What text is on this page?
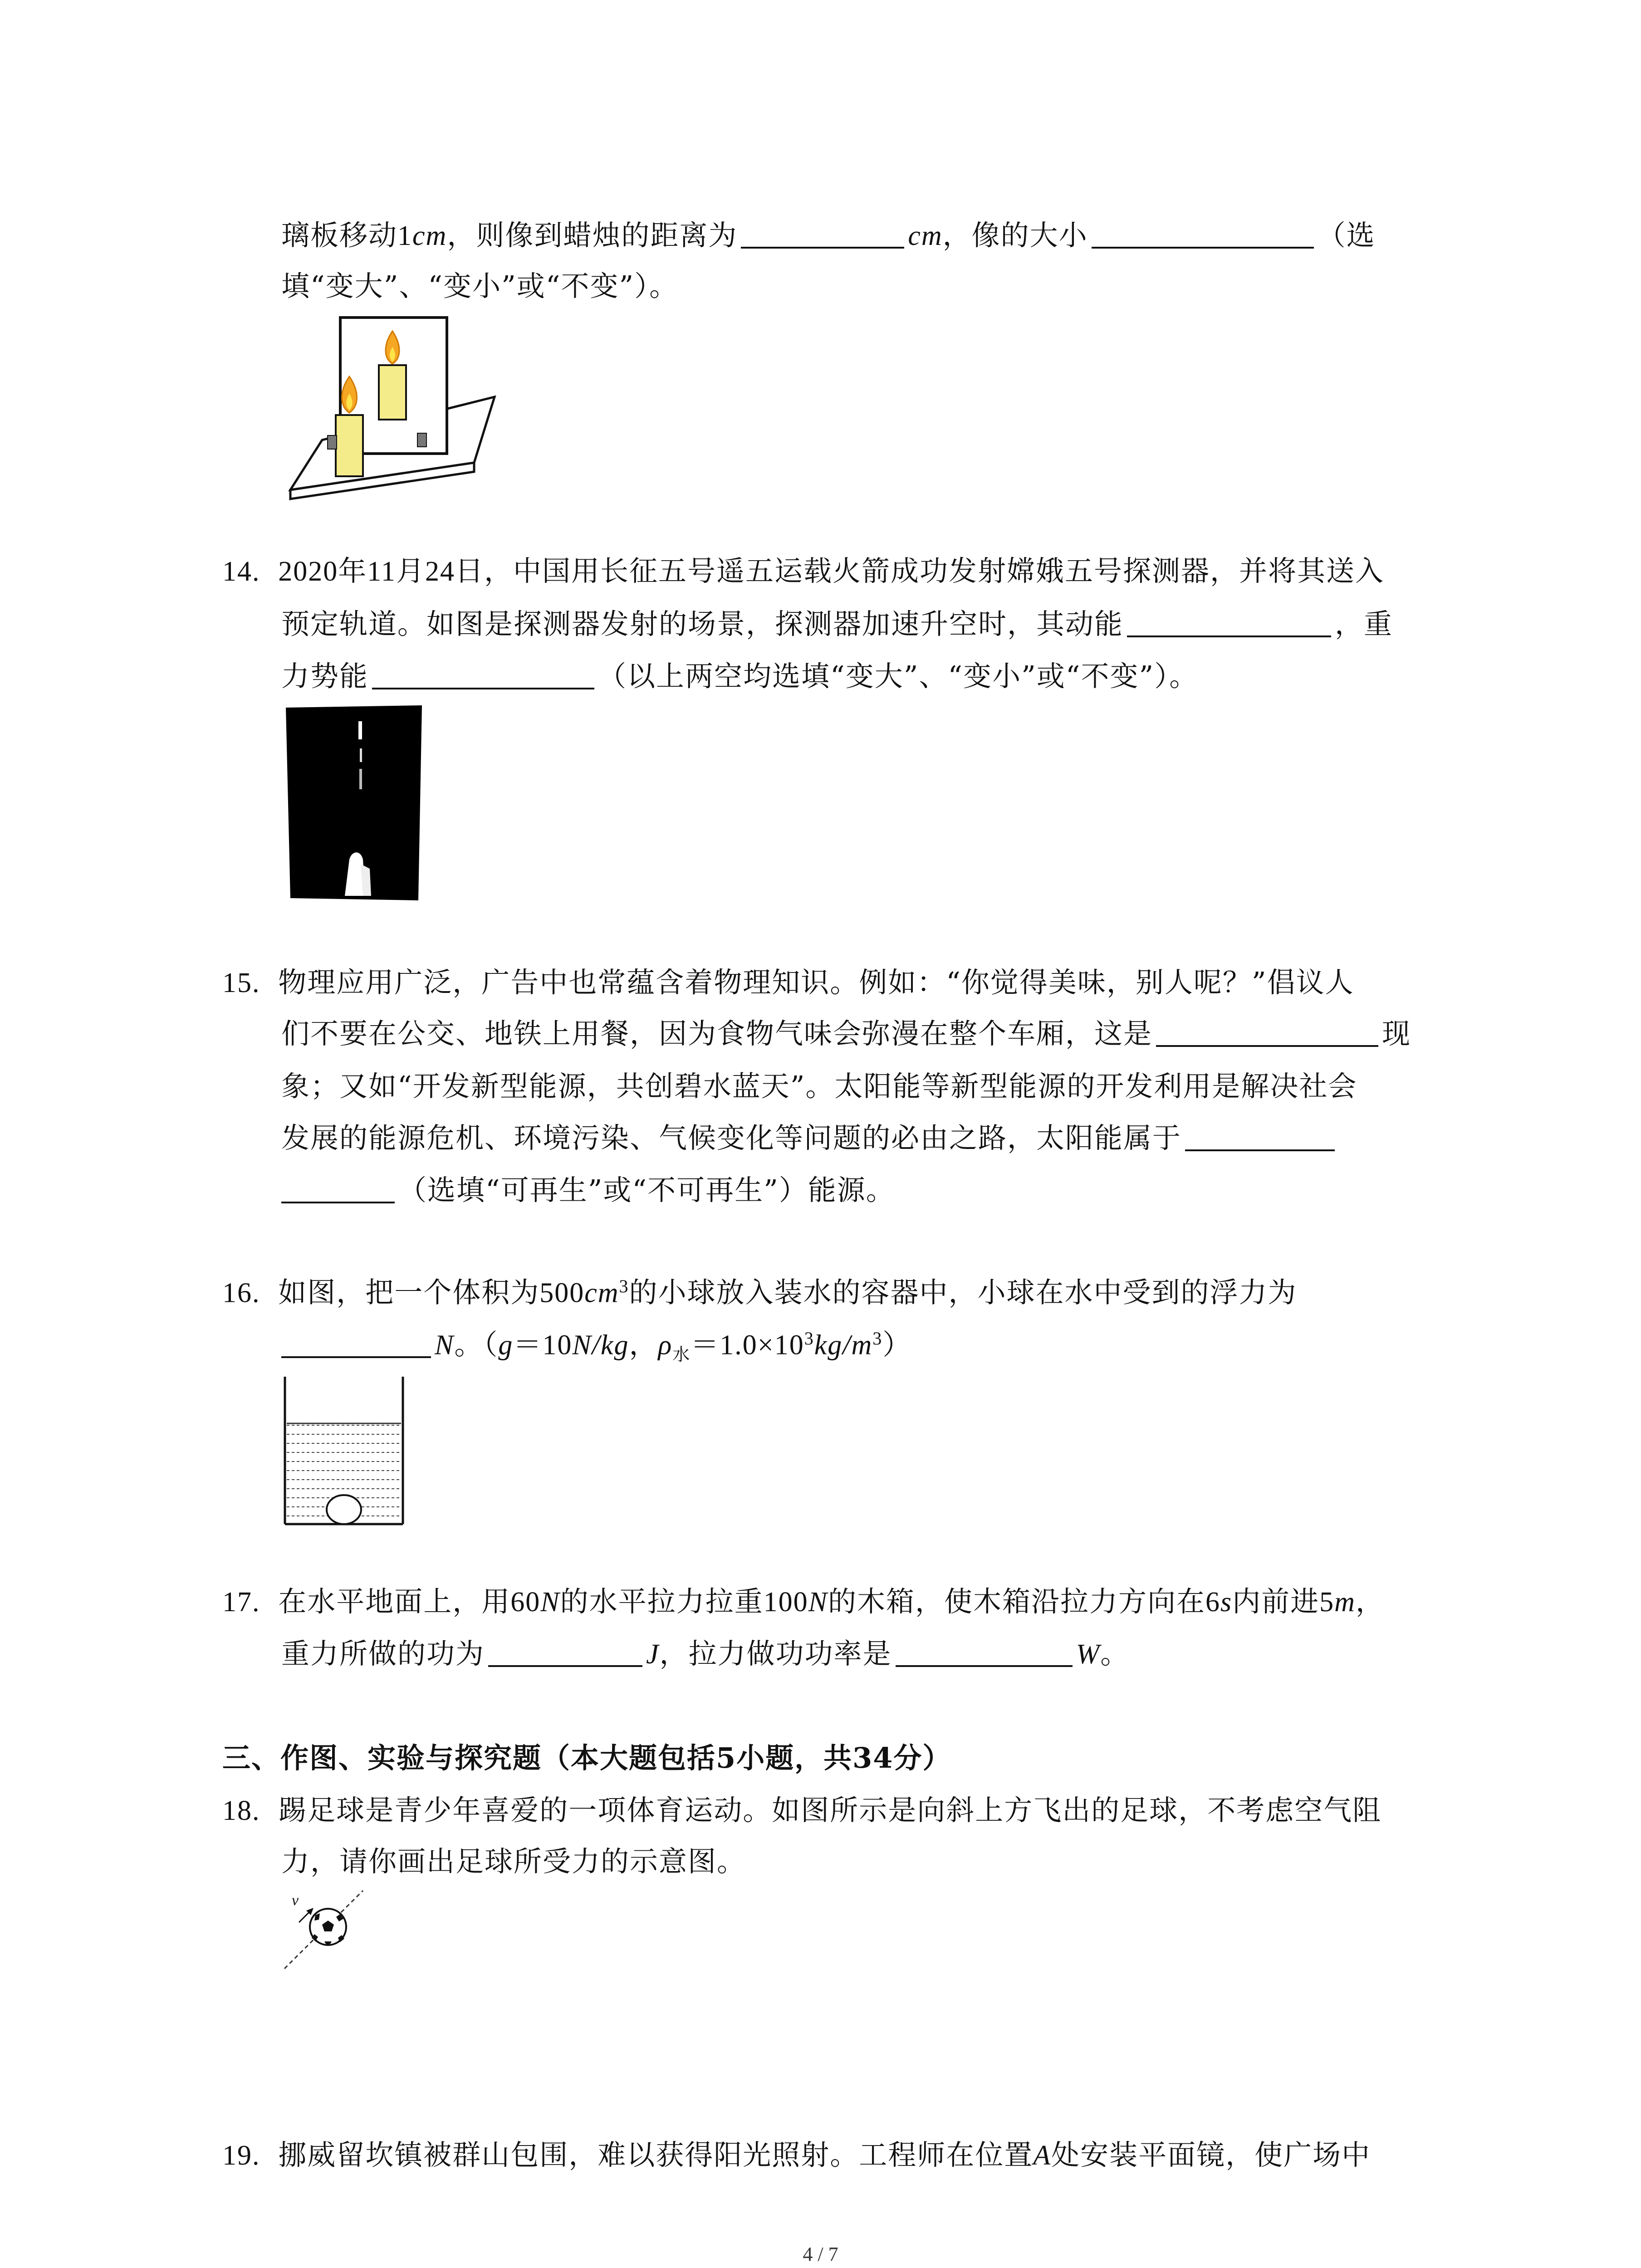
璃板移动1cm，则像到蜡烛的距离为	cm，像的大小	（选
填“变大”、“变小”或“不变”）。
14. 2020年11月24日，中国用长征五号遥五运载火箭成功发射嫦娥五号探测器，并将其送入
预定轨道。如图是探测器发射的场景，探测器加速升空时，其动能	，重
力势能	（以上两空均选填“变大”、“变小”或“不变”）。
15. 物理应用广泛，广告中也常蕴含着物理知识。例如：“你觉得美味，别人呢？”倡议人
们不要在公交、地铁上用餐，因为食物气味会弥漫在整个车厢，这是	现
象；又如“开发新型能源，共创碧水蓝天”。太阳能等新型能源的开发利用是解决社会
发展的能源危机、环境污染、气候变化等问题的必由之路，太阳能属于
（选填“可再生”或“不可再生”）能源。
16. 如图，把一个体积为$500cm^3$的小球放入装水的容器中，小球在水中受到的浮力为
N。（g＝10N/kg，$\rho_水=1.0\times 10^3kg/m^3$）
17. 在水平地面上，用60N的水平拉力拉重100N的木箱，使木箱沿拉力方向在6s内前进5m，
重力所做的功为	J，拉力做功功率是	W。
三、作图、实验与探究题（本大题包括5小题，共34分）
18. 踢足球是青少年喜爱的一项体育运动。如图所示是向斜上方飞出的足球，不考虑空气阻
力，请你画出足球所受力的示意图。
v
19. 挪威留坎镇被群山包围，难以获得阳光照射。工程师在位置A处安装平面镜，使广场中
4 / 7
